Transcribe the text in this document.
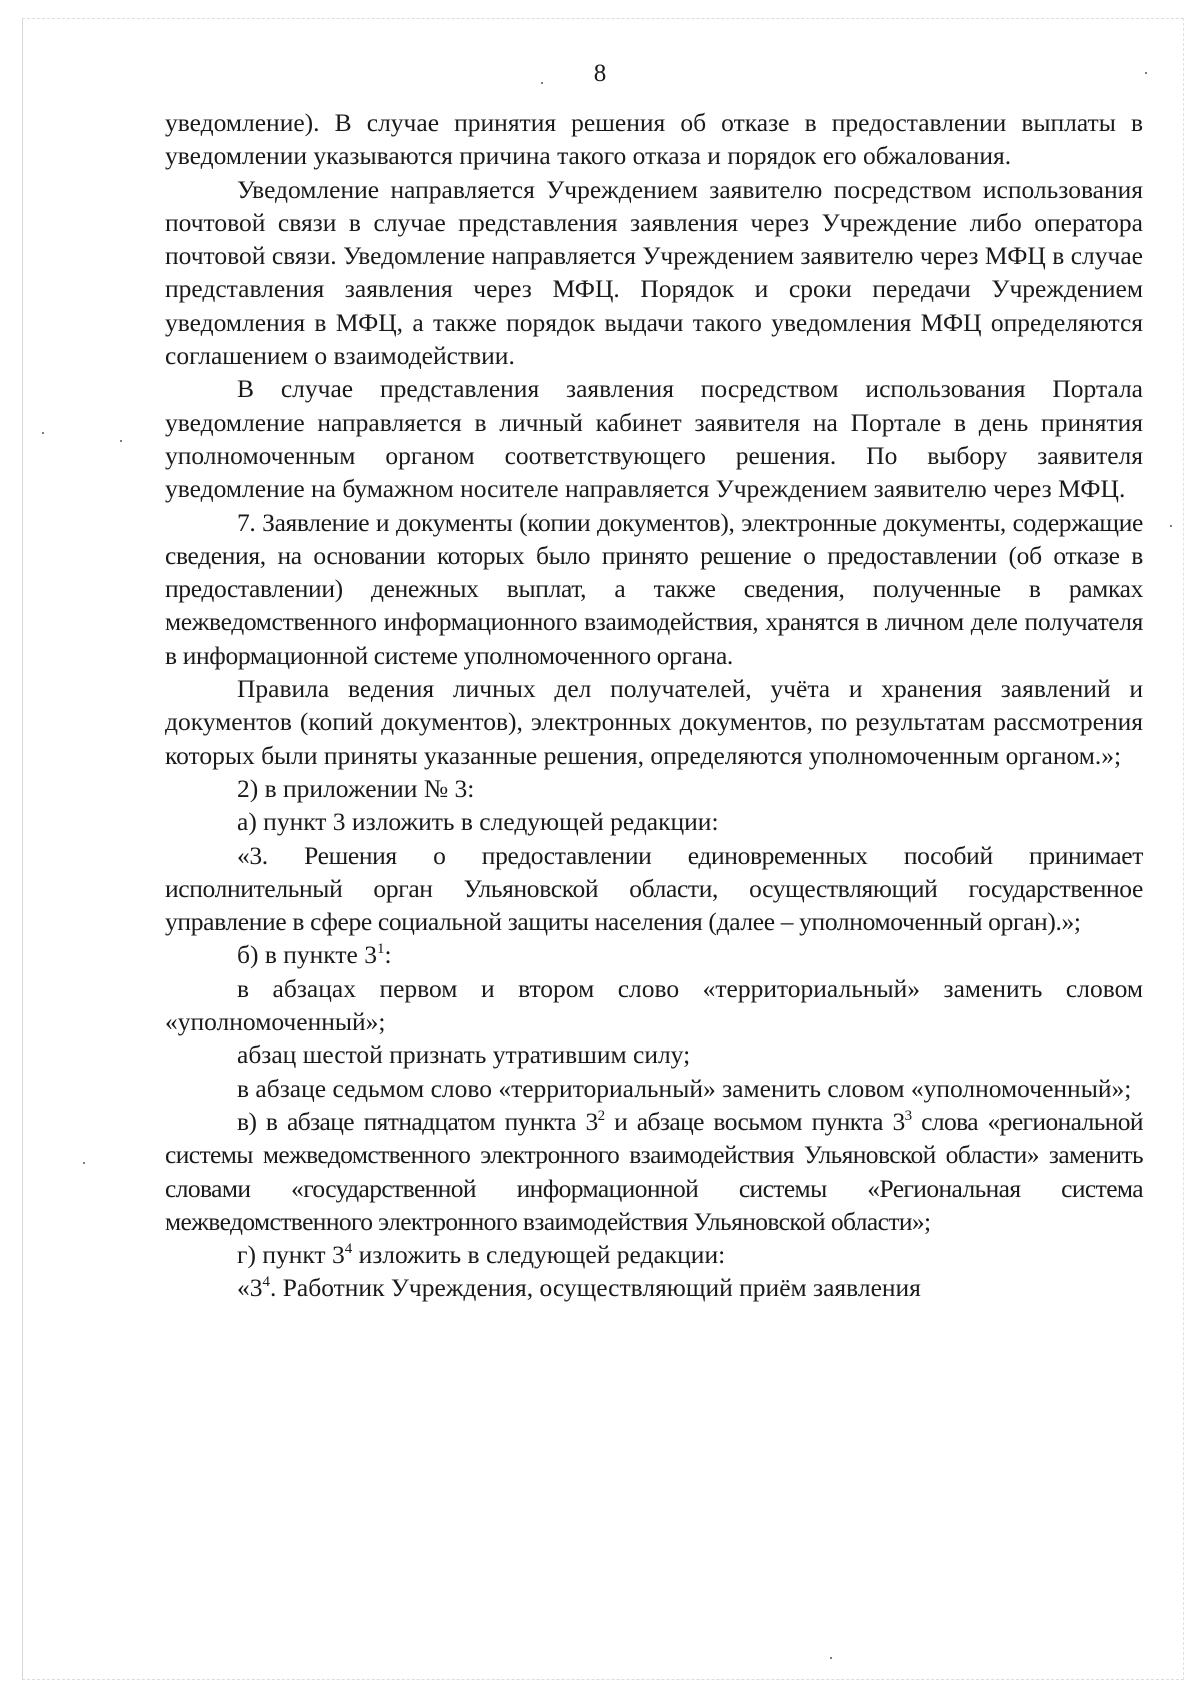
8

уведомление). В случае принятия решения об отказе в предоставлении выплаты в уведомлении указываются причина такого отказа и порядок его обжалования.

Уведомление направляется Учреждением заявителю посредством использования почтовой связи в случае представления заявления через Учреждение либо оператора почтовой связи. Уведомление направляется Учреждением заявителю через МФЦ в случае представления заявления через МФЦ. Порядок и сроки передачи Учреждением уведомления в МФЦ, а также порядок выдачи такого уведомления МФЦ определяются соглашением о взаимодействии.

В случае представления заявления посредством использования Портала уведомление направляется в личный кабинет заявителя на Портале в день принятия уполномоченным органом соответствующего решения. По выбору заявителя уведомление на бумажном носителе направляется Учреждением заявителю через МФЦ.

7. Заявление и документы (копии документов), электронные документы, содержащие сведения, на основании которых было принято решение о предоставлении (об отказе в предоставлении) денежных выплат, а также сведения, полученные в рамках межведомственного информационного взаимодействия, хранятся в личном деле получателя в информационной системе уполномоченного органа.

Правила ведения личных дел получателей, учёта и хранения заявлений и документов (копий документов), электронных документов, по результатам рассмотрения которых были приняты указанные решения, определяются уполномоченным органом.»;

2) в приложении № 3:

а) пункт 3 изложить в следующей редакции:

«3. Решения о предоставлении единовременных пособий принимает исполнительный орган Ульяновской области, осуществляющий государственное управление в сфере социальной защиты населения (далее – уполномоченный орган).»;

б) в пункте $3^1$:

в абзацах первом и втором слово «территориальный» заменить словом «уполномоченный»;

абзац шестой признать утратившим силу;

в абзаце седьмом слово «территориальный» заменить словом «уполномоченный»;

в) в абзаце пятнадцатом пункта $3^2$ и абзаце восьмом пункта $3^3$ слова «региональной системы межведомственного электронного взаимодействия Ульяновской области» заменить словами «государственной информационной системы «Региональная система межведомственного электронного взаимодействия Ульяновской области»;

г) пункт $3^4$ изложить в следующей редакции:

«$3^4$. Работник Учреждения, осуществляющий приём заявления
